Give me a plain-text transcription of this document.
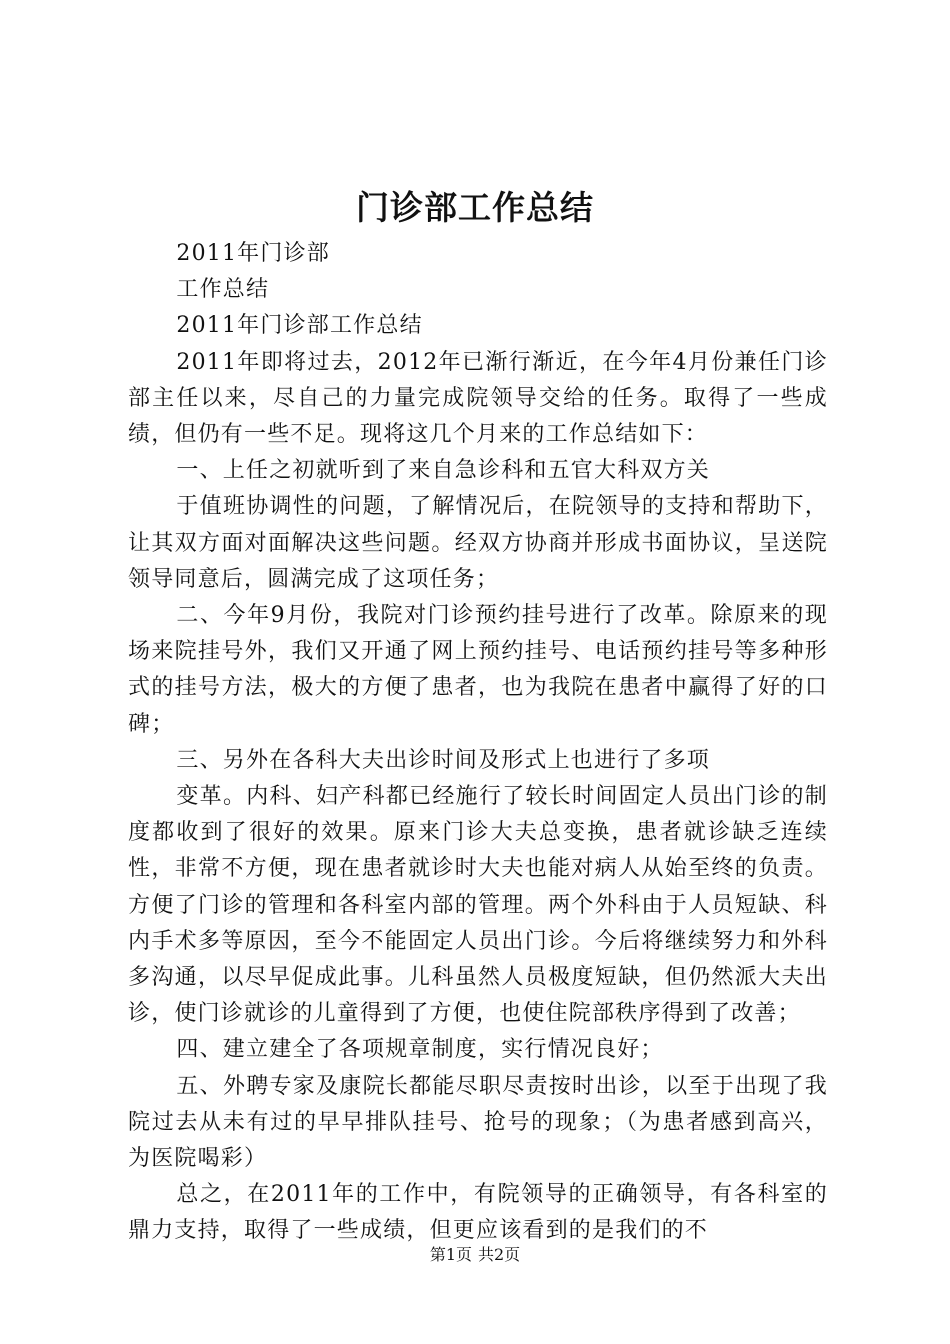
门诊部工作总结

2011年门诊部

工作总结

2011年门诊部工作总结

2011年即将过去，2012年已渐行渐近，在今年4月份兼任门诊部主任以来，尽自己的力量完成院领导交给的任务。取得了一些成绩，但仍有一些不足。现将这几个月来的工作总结如下：

一、上任之初就听到了来自急诊科和五官大科双方关

于值班协调性的问题，了解情况后，在院领导的支持和帮助下，让其双方面对面解决这些问题。经双方协商并形成书面协议，呈送院领导同意后，圆满完成了这项任务；

二、今年9月份，我院对门诊预约挂号进行了改革。除原来的现场来院挂号外，我们又开通了网上预约挂号、电话预约挂号等多种形式的挂号方法，极大的方便了患者，也为我院在患者中赢得了好的口碑；

三、另外在各科大夫出诊时间及形式上也进行了多项

变革。内科、妇产科都已经施行了较长时间固定人员出门诊的制度都收到了很好的效果。原来门诊大夫总变换，患者就诊缺乏连续性，非常不方便，现在患者就诊时大夫也能对病人从始至终的负责。方便了门诊的管理和各科室内部的管理。两个外科由于人员短缺、科内手术多等原因，至今不能固定人员出门诊。今后将继续努力和外科多沟通，以尽早促成此事。儿科虽然人员极度短缺，但仍然派大夫出诊，使门诊就诊的儿童得到了方便，也使住院部秩序得到了改善；

四、建立建全了各项规章制度，实行情况良好；

五、外聘专家及康院长都能尽职尽责按时出诊，以至于出现了我院过去从未有过的早早排队挂号、抢号的现象；（为患者感到高兴，为医院喝彩）

总之，在2011年的工作中，有院领导的正确领导，有各科室的鼎力支持，取得了一些成绩，但更应该看到的是我们的不

第1页 共2页
